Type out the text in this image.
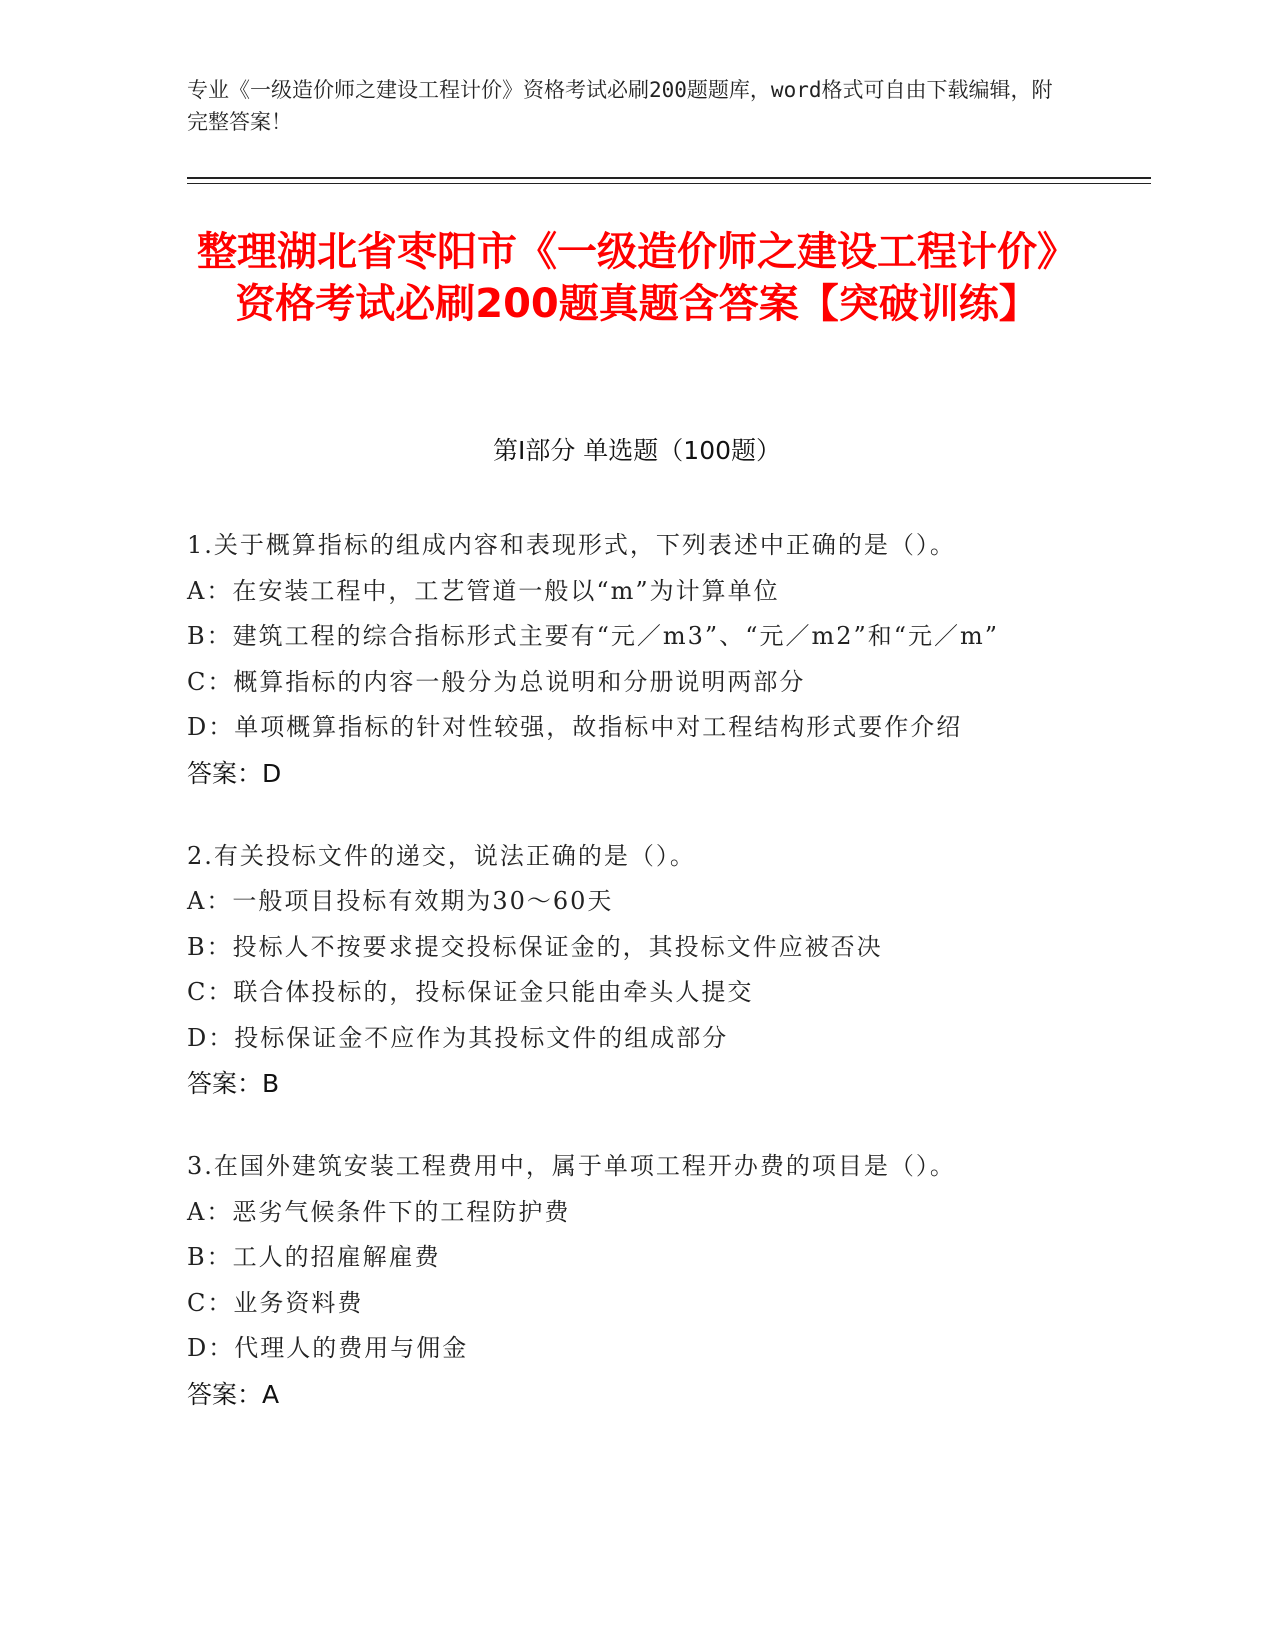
专业《一级造价师之建设工程计价》资格考试必刷200题题库，word格式可自由下载编辑，附完整答案！
整理湖北省枣阳市《一级造价师之建设工程计价》资格考试必刷200题真题含答案【突破训练】
第Ⅰ部分 单选题（100题）
1.关于概算指标的组成内容和表现形式，下列表述中正确的是（）。
A：在安装工程中，工艺管道一般以“m”为计算单位
B：建筑工程的综合指标形式主要有“元／m3”、“元／m2”和“元／m”
C：概算指标的内容一般分为总说明和分册说明两部分
D：单项概算指标的针对性较强，故指标中对工程结构形式要作介绍
答案：D
2.有关投标文件的递交，说法正确的是（）。
A：一般项目投标有效期为30～60天
B：投标人不按要求提交投标保证金的，其投标文件应被否决
C：联合体投标的，投标保证金只能由牵头人提交
D：投标保证金不应作为其投标文件的组成部分
答案：B
3.在国外建筑安装工程费用中，属于单项工程开办费的项目是（）。
A：恶劣气候条件下的工程防护费
B：工人的招雇解雇费
C：业务资料费
D：代理人的费用与佣金
答案：A
